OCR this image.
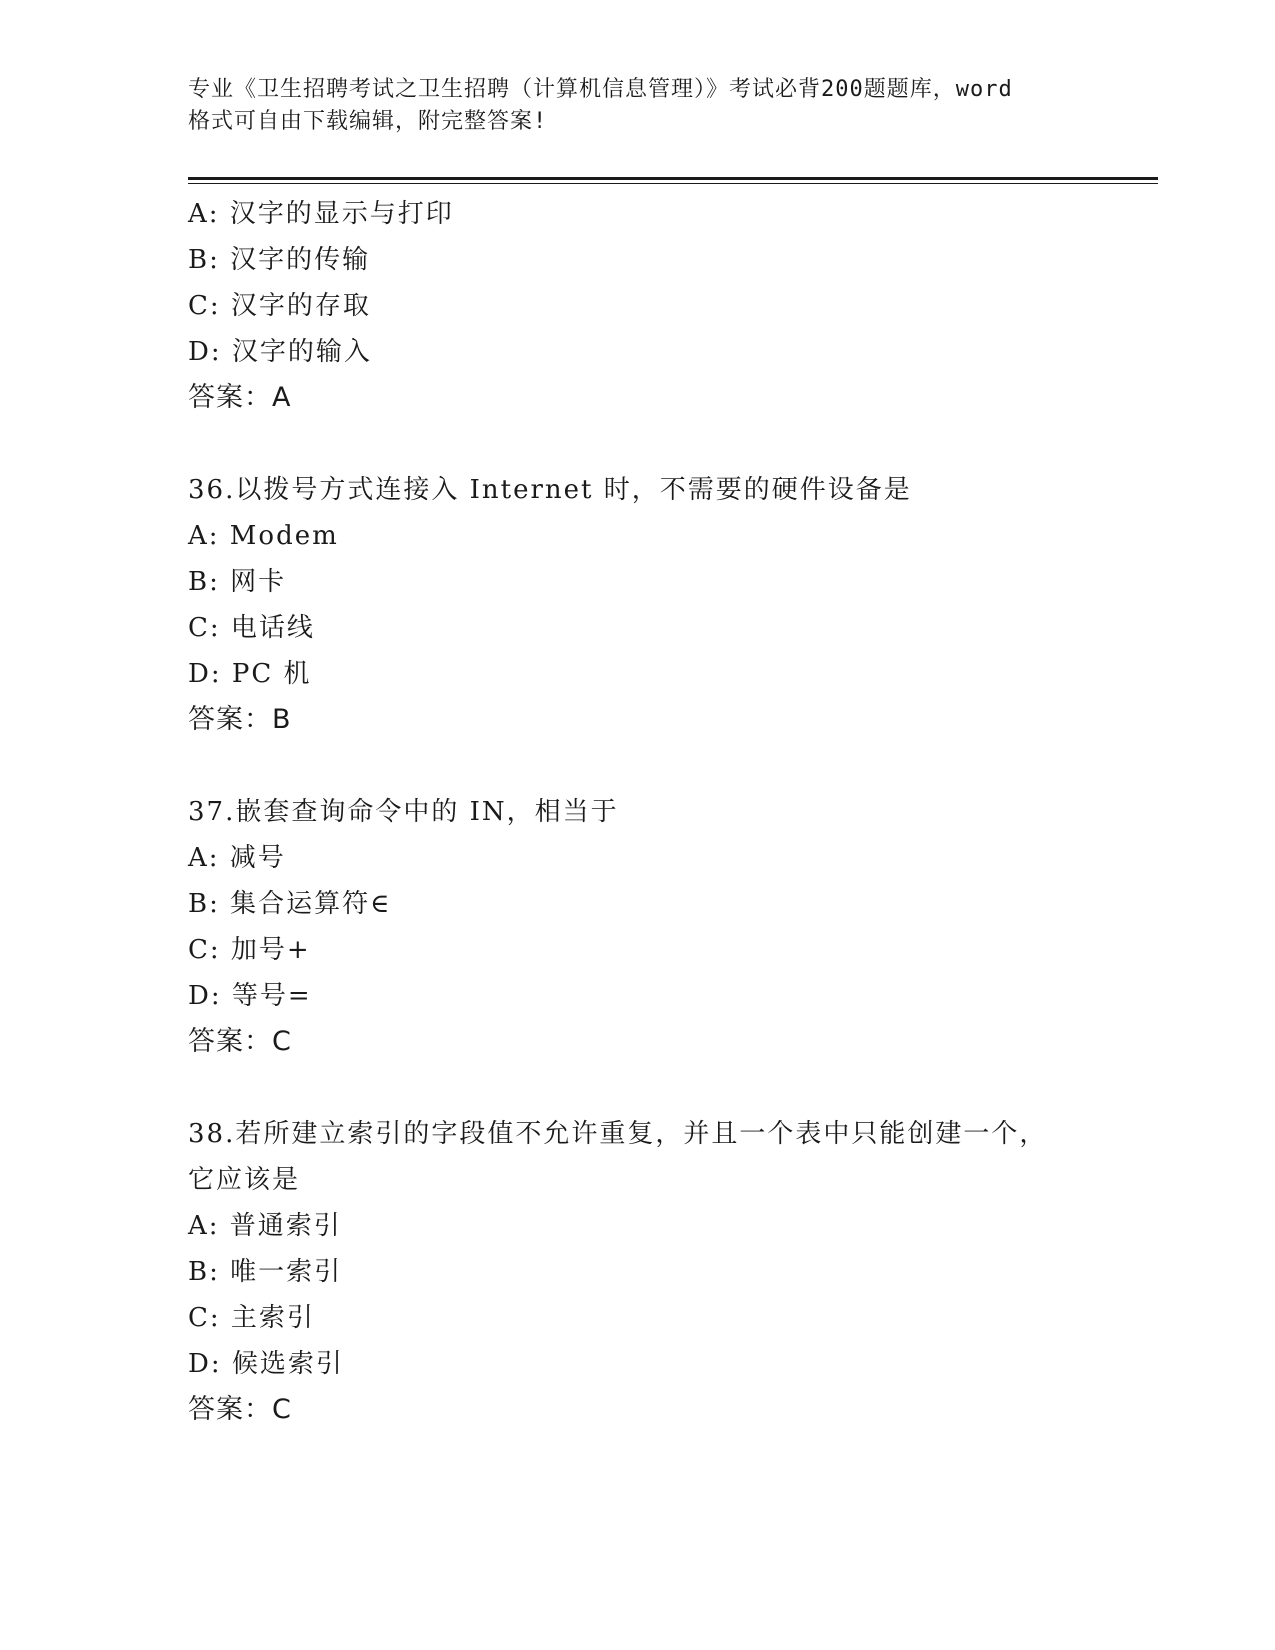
专业《卫生招聘考试之卫生招聘（计算机信息管理）》考试必背200题题库，word
格式可自由下载编辑，附完整答案!
A: 汉字的显示与打印
B: 汉字的传输
C: 汉字的存取
D: 汉字的输入
答案：A
36.以拨号方式连接入 Internet 时，不需要的硬件设备是
A: Modem
B: 网卡
C: 电话线
D: PC 机
答案：B
37.嵌套查询命令中的 IN，相当于
A: 减号
B: 集合运算符∈
C: 加号+
D: 等号=
答案：C
38.若所建立索引的字段值不允许重复，并且一个表中只能创建一个，
它应该是
A: 普通索引
B: 唯一索引
C: 主索引
D: 候选索引
答案：C
